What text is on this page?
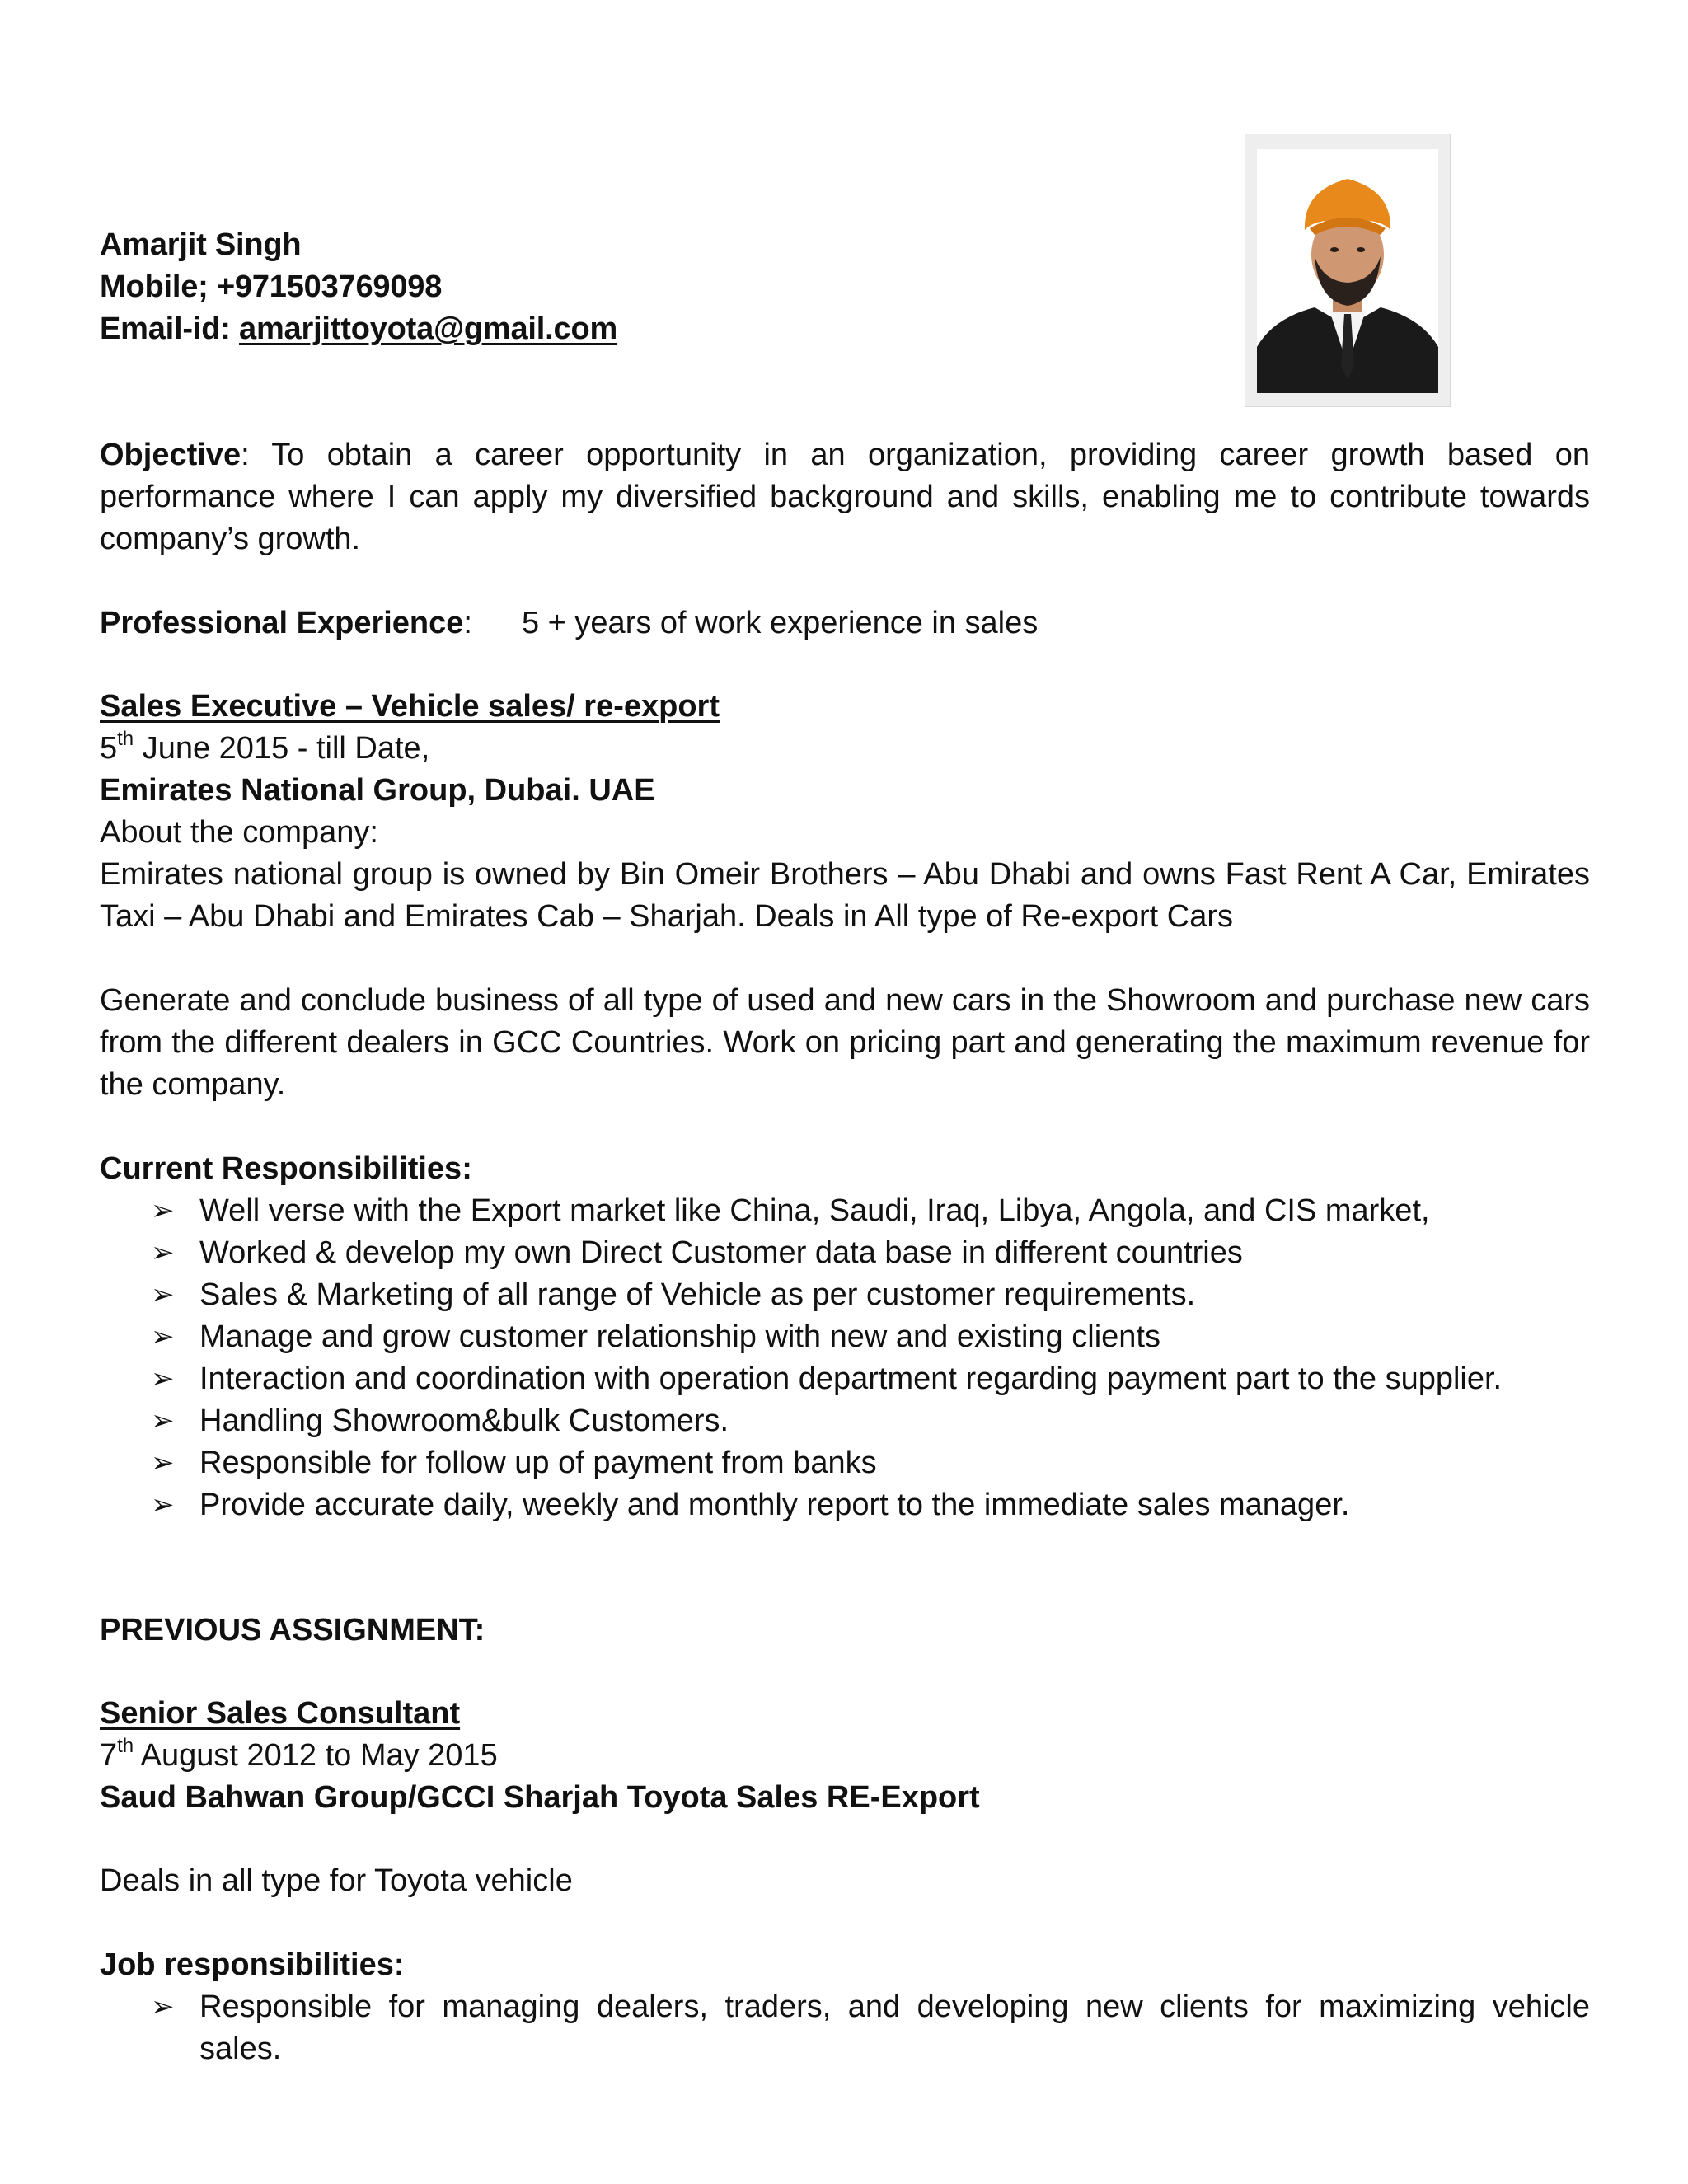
Amarjit Singh
Mobile; +971503769098
Email-id: amarjittoyota@gmail.com
Objective: To obtain a career opportunity in an organization, providing career growth based on performance where I can apply my diversified background and skills, enabling me to contribute towards company’s growth.
Professional Experience: 5 + years of work experience in sales
Sales Executive – Vehicle sales/ re-export
5th June 2015 - till Date,
Emirates National Group, Dubai. UAE
About the company:
Emirates national group is owned by Bin Omeir Brothers – Abu Dhabi and owns Fast Rent A Car, Emirates Taxi – Abu Dhabi and Emirates Cab – Sharjah. Deals in All type of Re-export Cars
Generate and conclude business of all type of used and new cars in the Showroom and purchase new cars from the different dealers in GCC Countries. Work on pricing part and generating the maximum revenue for the company.
Current Responsibilities:
➢ Well verse with the Export market like China, Saudi, Iraq, Libya, Angola, and CIS market,
➢ Worked & develop my own Direct Customer data base in different countries
➢ Sales & Marketing of all range of Vehicle as per customer requirements.
➢ Manage and grow customer relationship with new and existing clients
➢ Interaction and coordination with operation department regarding payment part to the supplier.
➢ Handling Showroom&bulk Customers.
➢ Responsible for follow up of payment from banks
➢ Provide accurate daily, weekly and monthly report to the immediate sales manager.
PREVIOUS ASSIGNMENT:
Senior Sales Consultant
7th August 2012 to May 2015
Saud Bahwan Group/GCCI Sharjah Toyota Sales RE-Export
Deals in all type for Toyota vehicle
Job responsibilities:
➢ Responsible for managing dealers, traders, and developing new clients for maximizing vehicle sales.
